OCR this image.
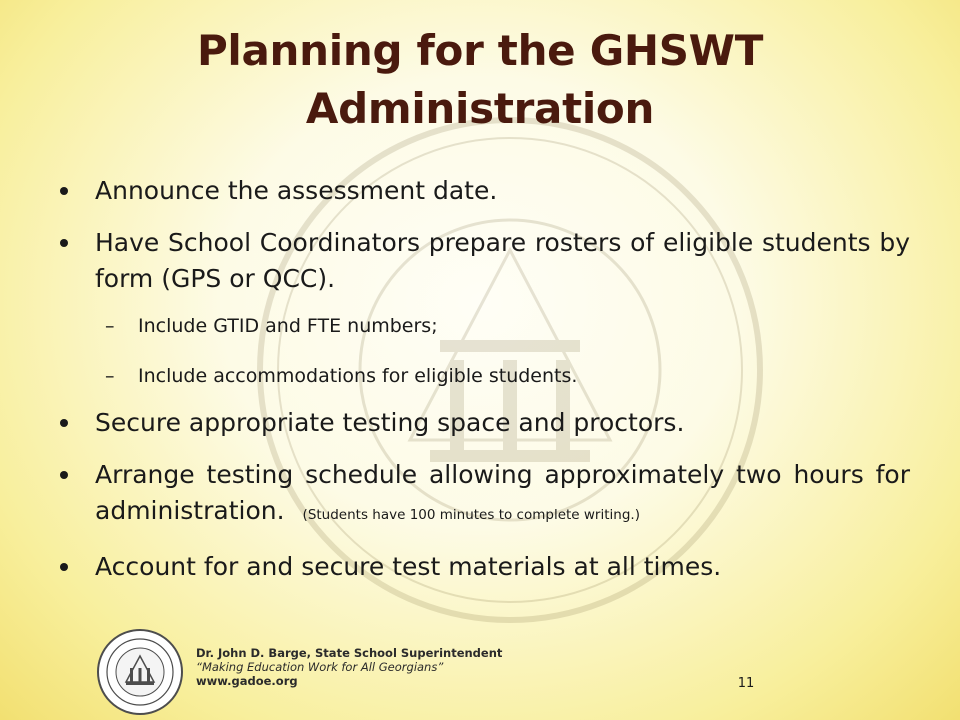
Planning for the GHSWT Administration
Announce the assessment date.
Have School Coordinators prepare rosters of eligible students by form (GPS or QCC).
– Include GTID and FTE numbers;
– Include accommodations for eligible students.
Secure appropriate testing space and proctors.
Arrange testing schedule allowing approximately two hours for administration. (Students have 100 minutes to complete writing.)
Account for and secure test materials at all times.
Dr. John D. Barge, State School Superintendent
“Making Education Work for All Georgians”
www.gadoe.org	11
